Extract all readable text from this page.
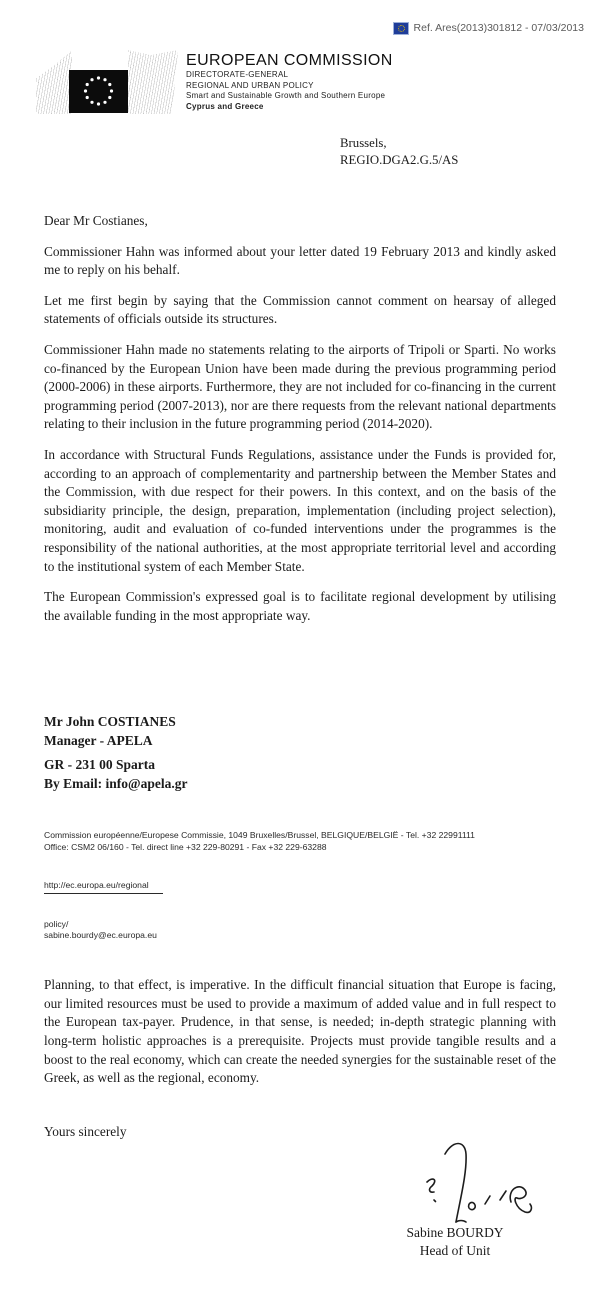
Ref. Ares(2013)301812 - 07/03/2013
EUROPEAN COMMISSION
DIRECTORATE-GENERAL
REGIONAL AND URBAN POLICY
Smart and Sustainable Growth and Southern Europe
Cyprus and Greece
Brussels,
REGIO.DGA2.G.5/AS
Dear Mr Costianes,

Commissioner Hahn was informed about your letter dated 19 February 2013 and kindly asked me to reply on his behalf.

Let me first begin by saying that the Commission cannot comment on hearsay of alleged statements of officials outside its structures.

Commissioner Hahn made no statements relating to the airports of Tripoli or Sparti. No works co-financed by the European Union have been made during the previous programming period (2000-2006) in these airports. Furthermore, they are not included for co-financing in the current programming period (2007-2013), nor are there requests from the relevant national departments relating to their inclusion in the future programming period (2014-2020).

In accordance with Structural Funds Regulations, assistance under the Funds is provided for, according to an approach of complementarity and partnership between the Member States and the Commission, with due respect for their powers. In this context, and on the basis of the subsidiarity principle, the design, preparation, implementation (including project selection), monitoring, audit and evaluation of co-funded interventions under the programmes is the responsibility of the national authorities, at the most appropriate territorial level and according to the institutional system of each Member State.

The European Commission's expressed goal is to facilitate regional development by utilising the available funding in the most appropriate way.

Mr John COSTIANES
Manager - APELA
GR - 231 00 Sparta
By Email: info@apela.gr
Commission européenne/Europese Commissie, 1049 Bruxelles/Brussel, BELGIQUE/BELGIË - Tel. +32 22991111
Office: CSM2 06/160 - Tel. direct line +32 229-80291 - Fax +32 229-63288
http://ec.europa.eu/regional
policy/
sabine.bourdy@ec.europa.eu

Planning, to that effect, is imperative. In the difficult financial situation that Europe is facing, our limited resources must be used to provide a maximum of added value and in full respect to the European tax-payer. Prudence, in that sense, is needed; in-depth strategic planning with long-term holistic approaches is a prerequisite. Projects must provide tangible results and a boost to the real economy, which can create the needed synergies for the sustainable reset of the Greek, as well as the regional, economy.

Yours sincerely
Sabine BOURDY
Head of Unit
